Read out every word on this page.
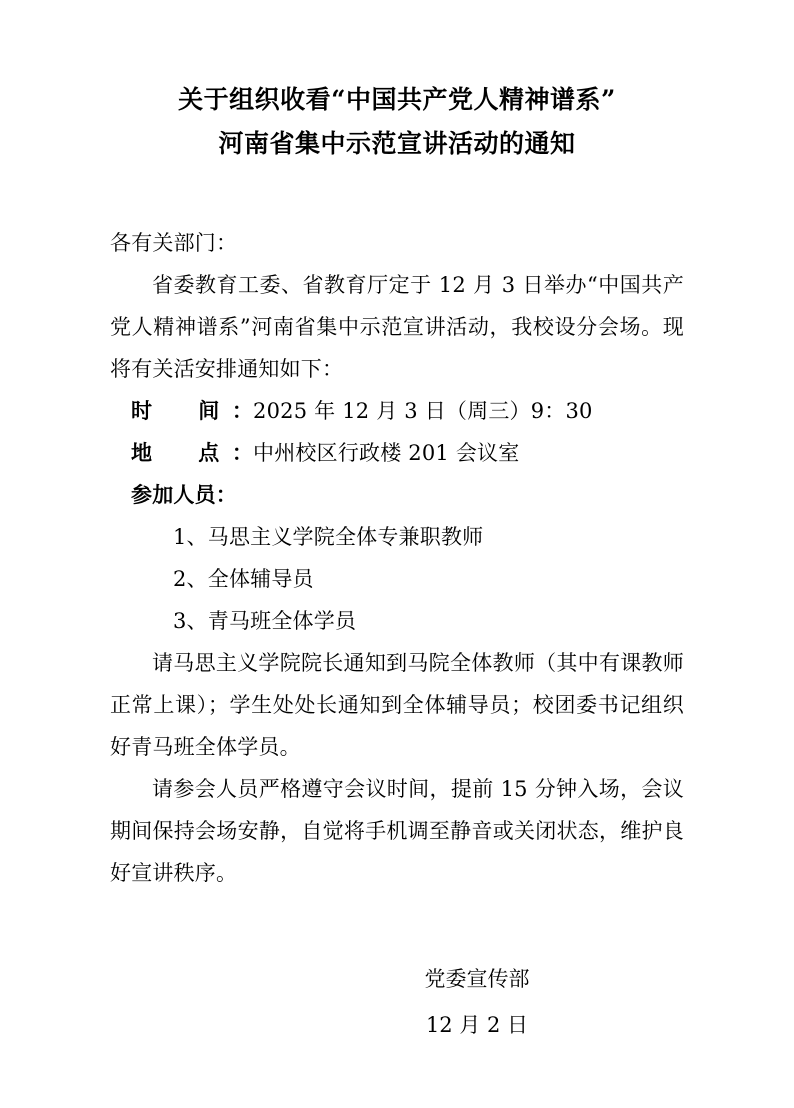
关于组织收看“中国共产党人精神谱系”
河南省集中示范宣讲活动的通知

各有关部门：

省委教育工委、省教育厅定于 12 月 3 日举办“中国共产党人精神谱系”河南省集中示范宣讲活动，我校设分会场。现将有关活安排通知如下：

时　间：2025 年 12 月 3 日（周三）9：30

地　点：中州校区行政楼 201 会议室

参加人员：

1、马思主义学院全体专兼职教师

2、全体辅导员

3、青马班全体学员

请马思主义学院院长通知到马院全体教师（其中有课教师正常上课）；学生处处长通知到全体辅导员；校团委书记组织好青马班全体学员。

请参会人员严格遵守会议时间，提前 15 分钟入场，会议期间保持会场安静，自觉将手机调至静音或关闭状态，维护良好宣讲秩序。

党委宣传部
12 月 2 日
